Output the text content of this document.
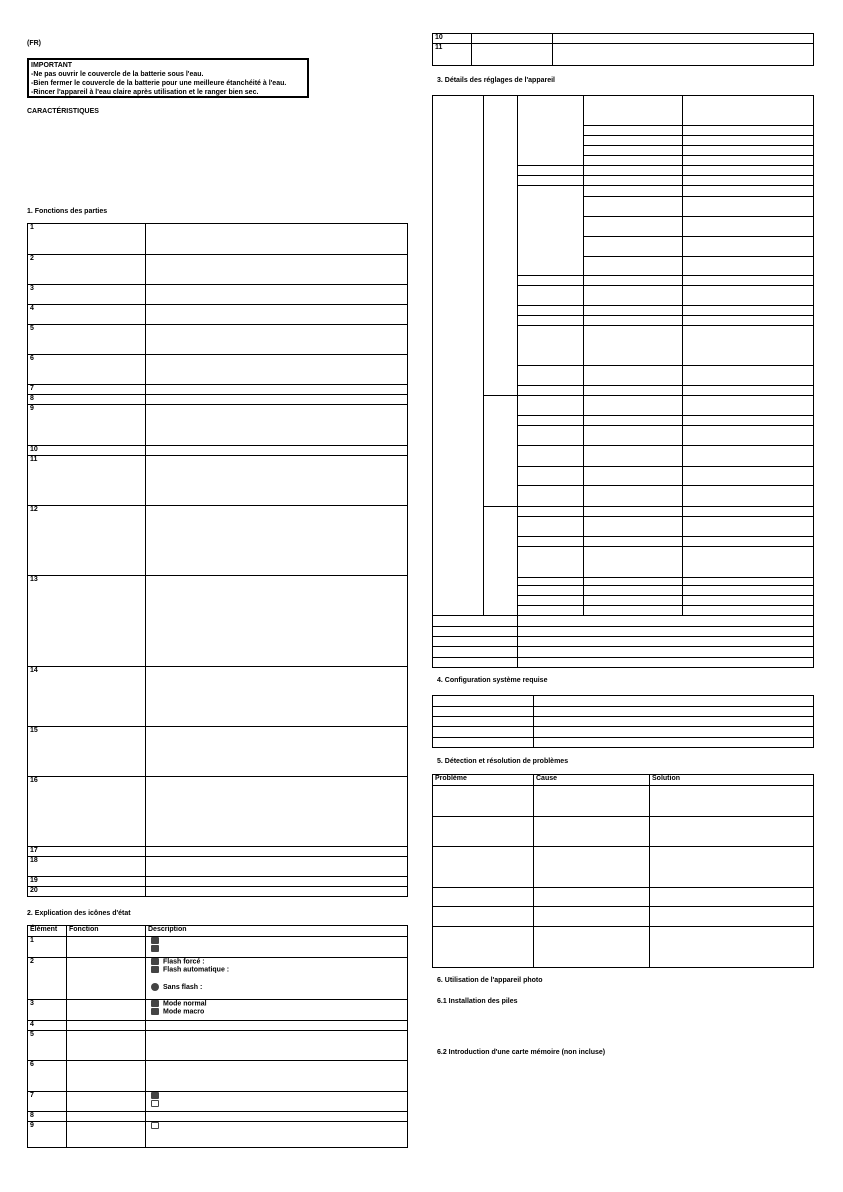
(FR)
IMPORTANT
-Ne pas ouvrir le couvercle de la batterie sous l'eau.
-Bien fermer le couvercle de la batterie pour une meilleure étanchéité à l'eau.
-Rincer l'appareil à l'eau claire après utilisation et le ranger bien sec.
CARACTÉRISTIQUES
1. Fonctions des parties
1	
2	
3	
4	
5	
6	
7	
8	
9	
10	
11	
12	
13	
14	
15	
16	
17	
18	
19	
20	
2. Explication des icônes d'état
Élément	Fonction	Description
1		

2		Flash forcé :
Flash automatique :
Sans flash :

3		Mode normal
Mode macro

4		
5		
6		
7		

8		
9		
10		
11		
3. Détails des réglages de l'appareil
4. Configuration système requise
5. Détection et résolution de problèmes
Problème	Cause	Solution

6. Utilisation de l'appareil photo
6.1 Installation des piles
6.2 Introduction d'une carte mémoire (non incluse)
